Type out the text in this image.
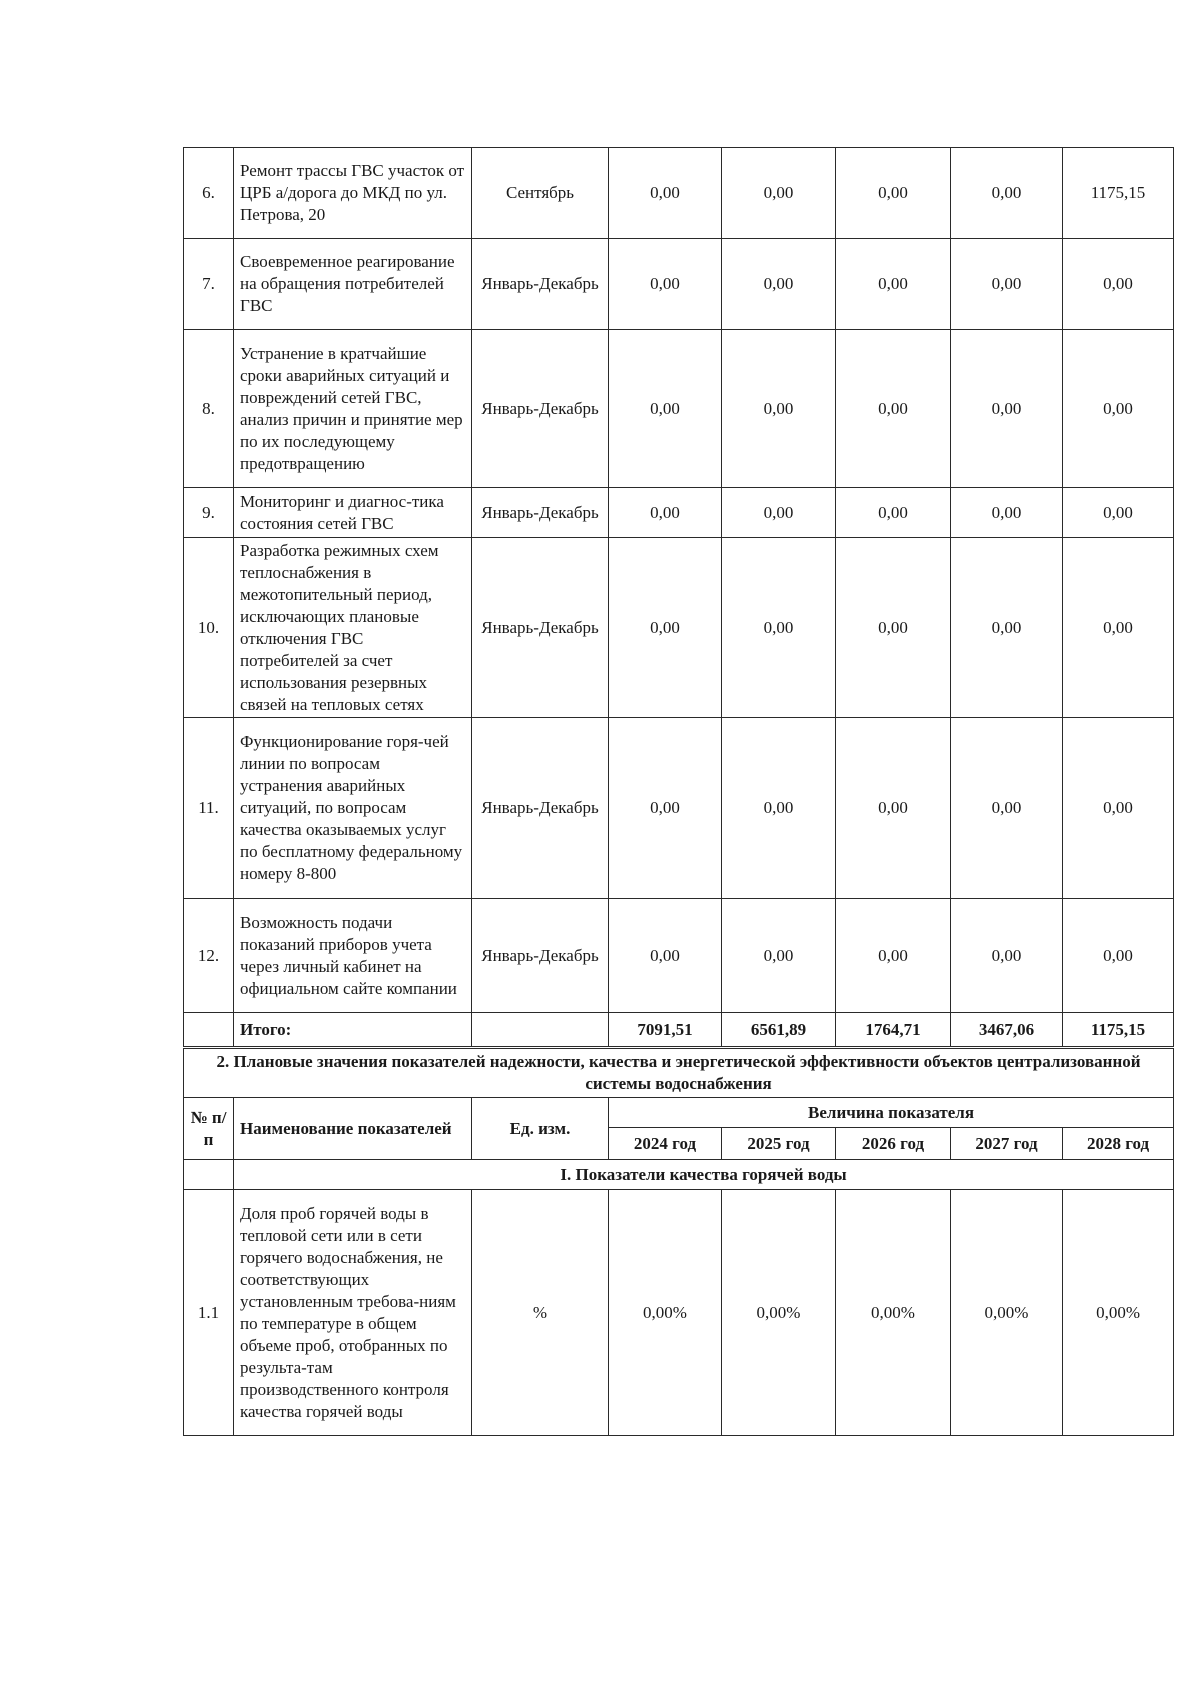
6.	Ремонт трассы ГВС участок от ЦРБ а/дорога до МКД по ул. Петрова, 20	Сентябрь	0,00	0,00	0,00	0,00	1175,15
7.	Своевременное реагирование на обращения потребителей ГВС	Январь-Декабрь	0,00	0,00	0,00	0,00	0,00
8.	Устранение в кратчайшие сроки аварийных ситуаций и повреждений сетей ГВС, анализ причин и принятие мер по их последующему предотвращению	Январь-Декабрь	0,00	0,00	0,00	0,00	0,00
9.	Мониторинг и диагнос-тика состояния сетей ГВС	Январь-Декабрь	0,00	0,00	0,00	0,00	0,00
10.	Разработка режимных схем теплоснабжения в межотопительный период, исключающих плановые отключения ГВС потребителей за счет использования резервных связей на тепловых сетях	Январь-Декабрь	0,00	0,00	0,00	0,00	0,00
11.	Функционирование горя-чей линии по вопросам устранения аварийных ситуаций, по вопросам качества оказываемых услуг по бесплатному федеральному номеру 8-800	Январь-Декабрь	0,00	0,00	0,00	0,00	0,00
12.	Возможность подачи показаний приборов учета через личный кабинет на официальном сайте компании	Январь-Декабрь	0,00	0,00	0,00	0,00	0,00
	Итого:		7091,51	6561,89	1764,71	3467,06	1175,15
2. Плановые значения показателей надежности, качества и энергетической эффективности объектов централизованной системы водоснабжения							
№ п/п	Наименование показателей	Ед. изм.	Величина показателя				
			2024 год	2025 год	2026 год	2027 год	2028 год
	I. Показатели качества горячей воды						
1.1	Доля проб горячей воды в тепловой сети или в сети горячего водоснабжения, не соответствующих установленным требова-ниям по температуре в общем объеме проб, отобранных по результа-там производственного контроля качества горячей воды	%	0,00%	0,00%	0,00%	0,00%	0,00%
